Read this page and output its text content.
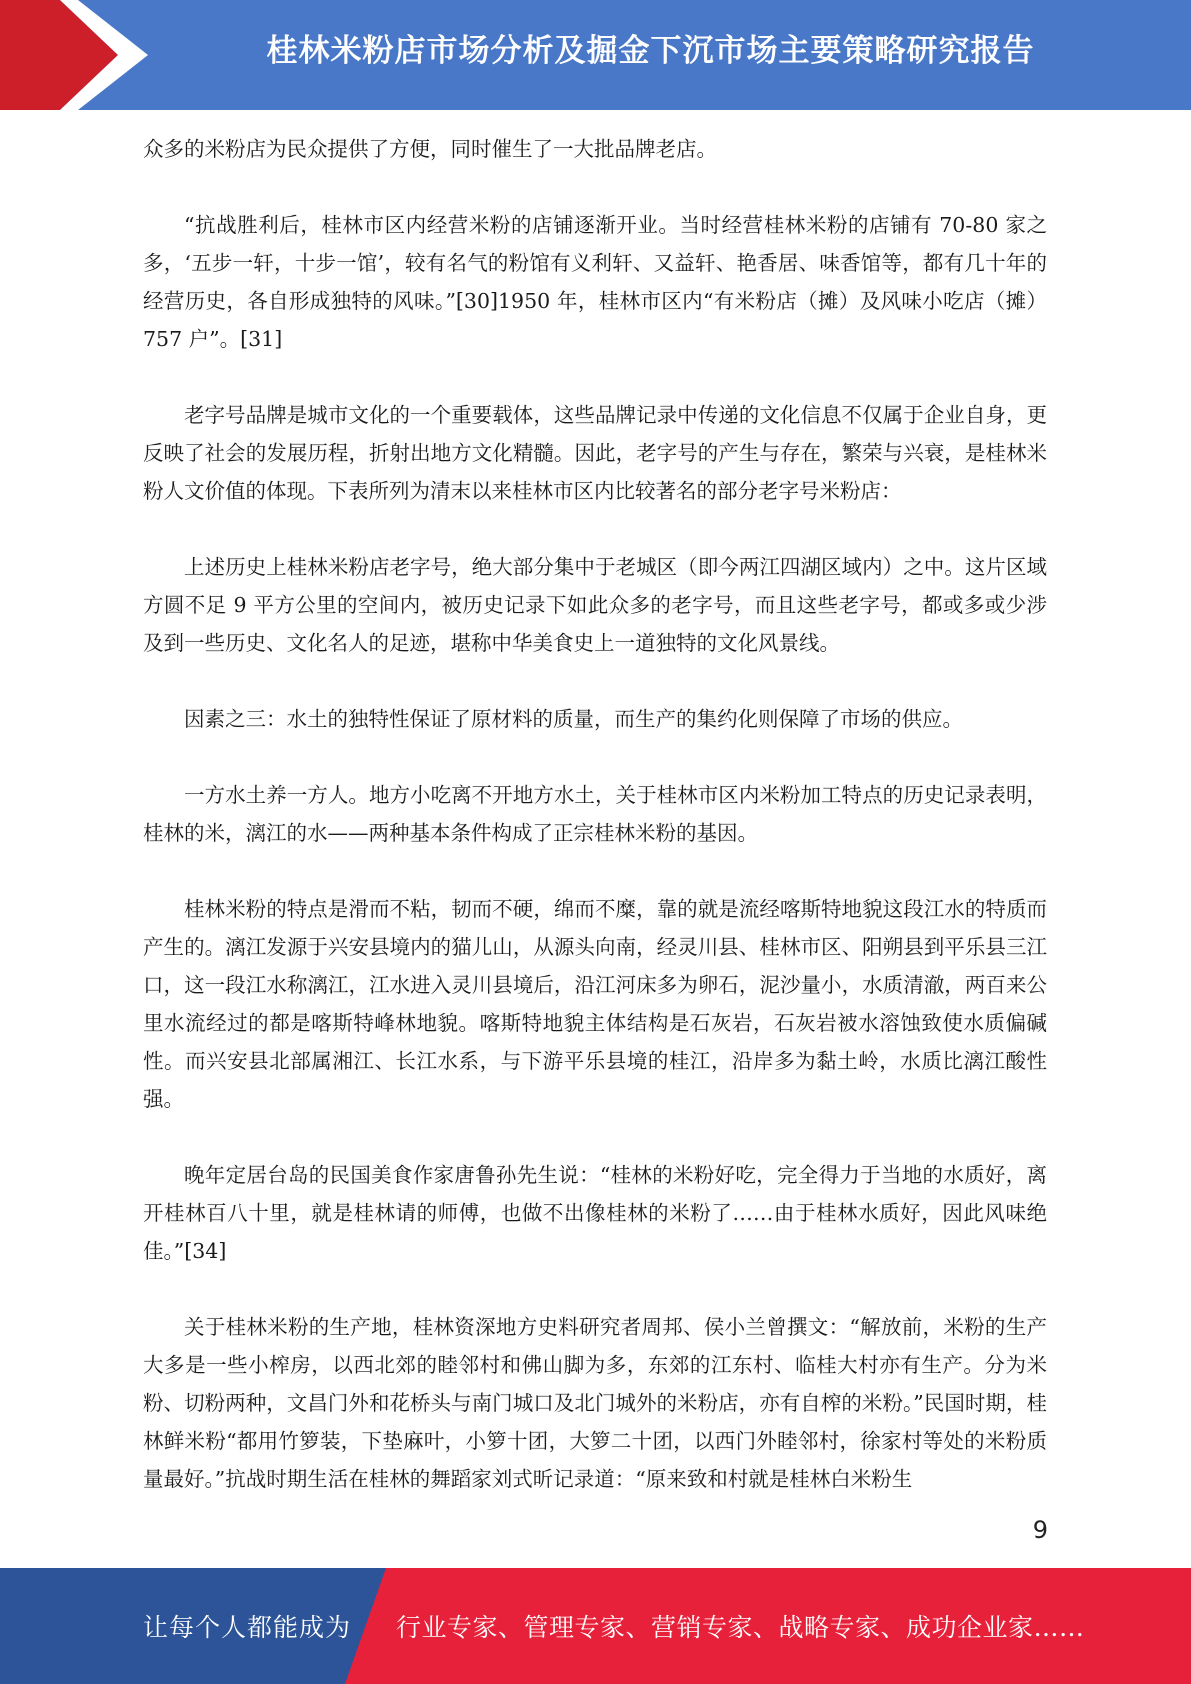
桂林米粉店市场分析及掘金下沉市场主要策略研究报告

众多的米粉店为民众提供了方便，同时催生了一大批品牌老店。

“抗战胜利后，桂林市区内经营米粉的店铺逐渐开业。当时经营桂林米粉的店铺有 70-80 家之多，‘五步一轩，十步一馆’，较有名气的粉馆有义利轩、又益轩、艳香居、味香馆等，都有几十年的经营历史，各自形成独特的风味。”[30]1950 年，桂林市区内“有米粉店（摊）及风味小吃店（摊）757 户”。[31]

老字号品牌是城市文化的一个重要载体，这些品牌记录中传递的文化信息不仅属于企业自身，更反映了社会的发展历程，折射出地方文化精髓。因此，老字号的产生与存在，繁荣与兴衰，是桂林米粉人文价值的体现。下表所列为清末以来桂林市区内比较著名的部分老字号米粉店：

上述历史上桂林米粉店老字号，绝大部分集中于老城区（即今两江四湖区域内）之中。这片区域方圆不足 9 平方公里的空间内，被历史记录下如此众多的老字号，而且这些老字号，都或多或少涉及到一些历史、文化名人的足迹，堪称中华美食史上一道独特的文化风景线。

因素之三：水土的独特性保证了原材料的质量，而生产的集约化则保障了市场的供应。

一方水土养一方人。地方小吃离不开地方水土，关于桂林市区内米粉加工特点的历史记录表明，桂林的米，漓江的水——两种基本条件构成了正宗桂林米粉的基因。

桂林米粉的特点是滑而不粘，韧而不硬，绵而不糜，靠的就是流经喀斯特地貌这段江水的特质而产生的。漓江发源于兴安县境内的猫儿山，从源头向南，经灵川县、桂林市区、阳朔县到平乐县三江口，这一段江水称漓江，江水进入灵川县境后，沿江河床多为卵石，泥沙量小，水质清澈，两百来公里水流经过的都是喀斯特峰林地貌。喀斯特地貌主体结构是石灰岩，石灰岩被水溶蚀致使水质偏碱性。而兴安县北部属湘江、长江水系，与下游平乐县境的桂江，沿岸多为黏土岭，水质比漓江酸性强。

晚年定居台岛的民国美食作家唐鲁孙先生说：“桂林的米粉好吃，完全得力于当地的水质好，离开桂林百八十里，就是桂林请的师傅，也做不出像桂林的米粉了……由于桂林水质好，因此风味绝佳。”[34]

关于桂林米粉的生产地，桂林资深地方史料研究者周邦、侯小兰曾撰文：“解放前，米粉的生产大多是一些小榨房，以西北郊的睦邻村和佛山脚为多，东郊的江东村、临桂大村亦有生产。分为米粉、切粉两种，文昌门外和花桥头与南门城口及北门城外的米粉店，亦有自榨的米粉。”民国时期，桂林鲜米粉“都用竹箩装，下垫麻叶，小箩十团，大箩二十团，以西门外睦邻村，徐家村等处的米粉质量最好。”抗战时期生活在桂林的舞蹈家刘式昕记录道：“原来致和村就是桂林白米粉生

9
让每个人都能成为 行业专家、管理专家、营销专家、战略专家、成功企业家……
